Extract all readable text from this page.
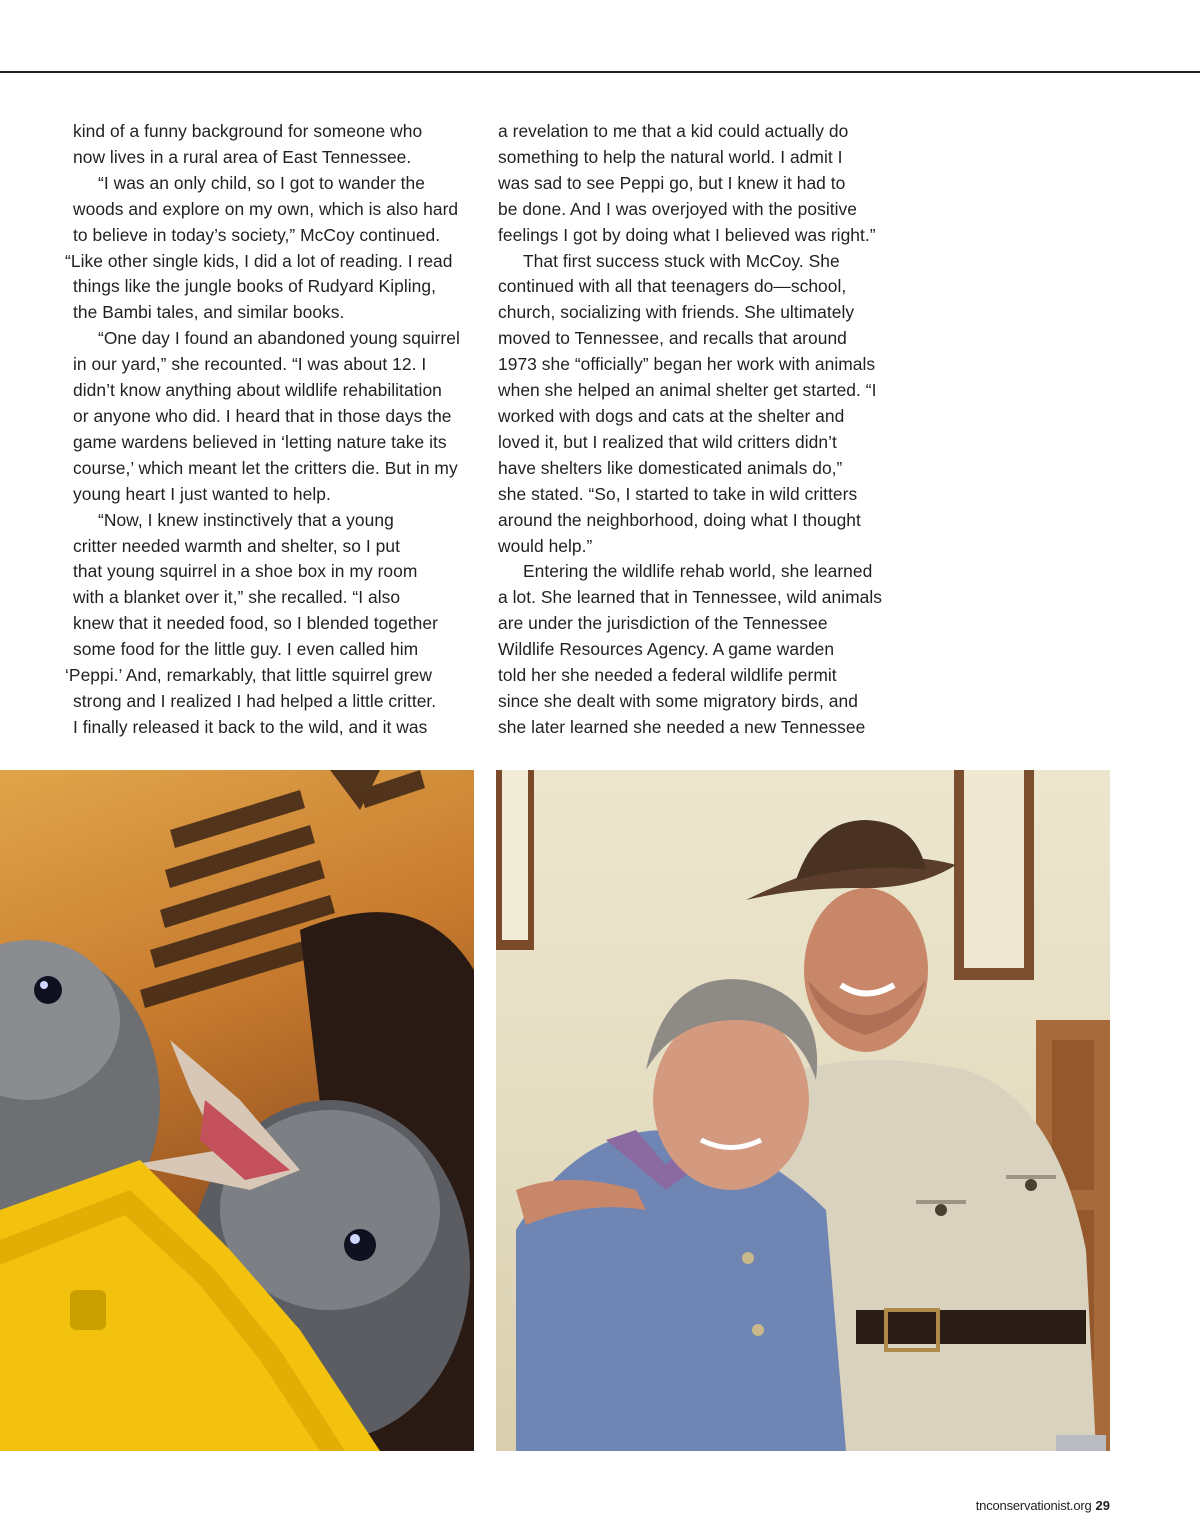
kind of a funny background for someone who

now lives in a rural area of East Tennessee.

“I was an only child, so I got to wander the

woods and explore on my own, which is also hard

to believe in today’s society,” McCoy continued.

“Like other single kids, I did a lot of reading. I read

things like the jungle books of Rudyard Kipling,

the Bambi tales, and similar books.

“One day I found an abandoned young squirrel

in our yard,” she recounted. “I was about 12. I

didn’t know anything about wildlife rehabilitation

or anyone who did. I heard that in those days the

game wardens believed in ‘letting nature take its

course,’ which meant let the critters die. But in my

young heart I just wanted to help.

“Now, I knew instinctively that a young

critter needed warmth and shelter, so I put

that young squirrel in a shoe box in my room

with a blanket over it,” she recalled. “I also

knew that it needed food, so I blended together

some food for the little guy. I even called him

‘Peppi.’ And, remarkably, that little squirrel grew

strong and I realized I had helped a little critter.

I finally released it back to the wild, and it was

a revelation to me that a kid could actually do

something to help the natural world. I admit I

was sad to see Peppi go, but I knew it had to

be done. And I was overjoyed with the positive

feelings I got by doing what I believed was right.”

That first success stuck with McCoy. She

continued with all that teenagers do—school,

church, socializing with friends. She ultimately

moved to Tennessee, and recalls that around

1973 she “officially” began her work with animals

when she helped an animal shelter get started. “I

worked with dogs and cats at the shelter and

loved it, but I realized that wild critters didn’t

have shelters like domesticated animals do,”

she stated. “So, I started to take in wild critters

around the neighborhood, doing what I thought

would help.”

Entering the wildlife rehab world, she learned

a lot. She learned that in Tennessee, wild animals

are under the jurisdiction of the Tennessee

Wildlife Resources Agency. A game warden

told her she needed a federal wildlife permit

since she dealt with some migratory birds, and

she later learned she needed a new Tennessee

tnconservationist.org 29
